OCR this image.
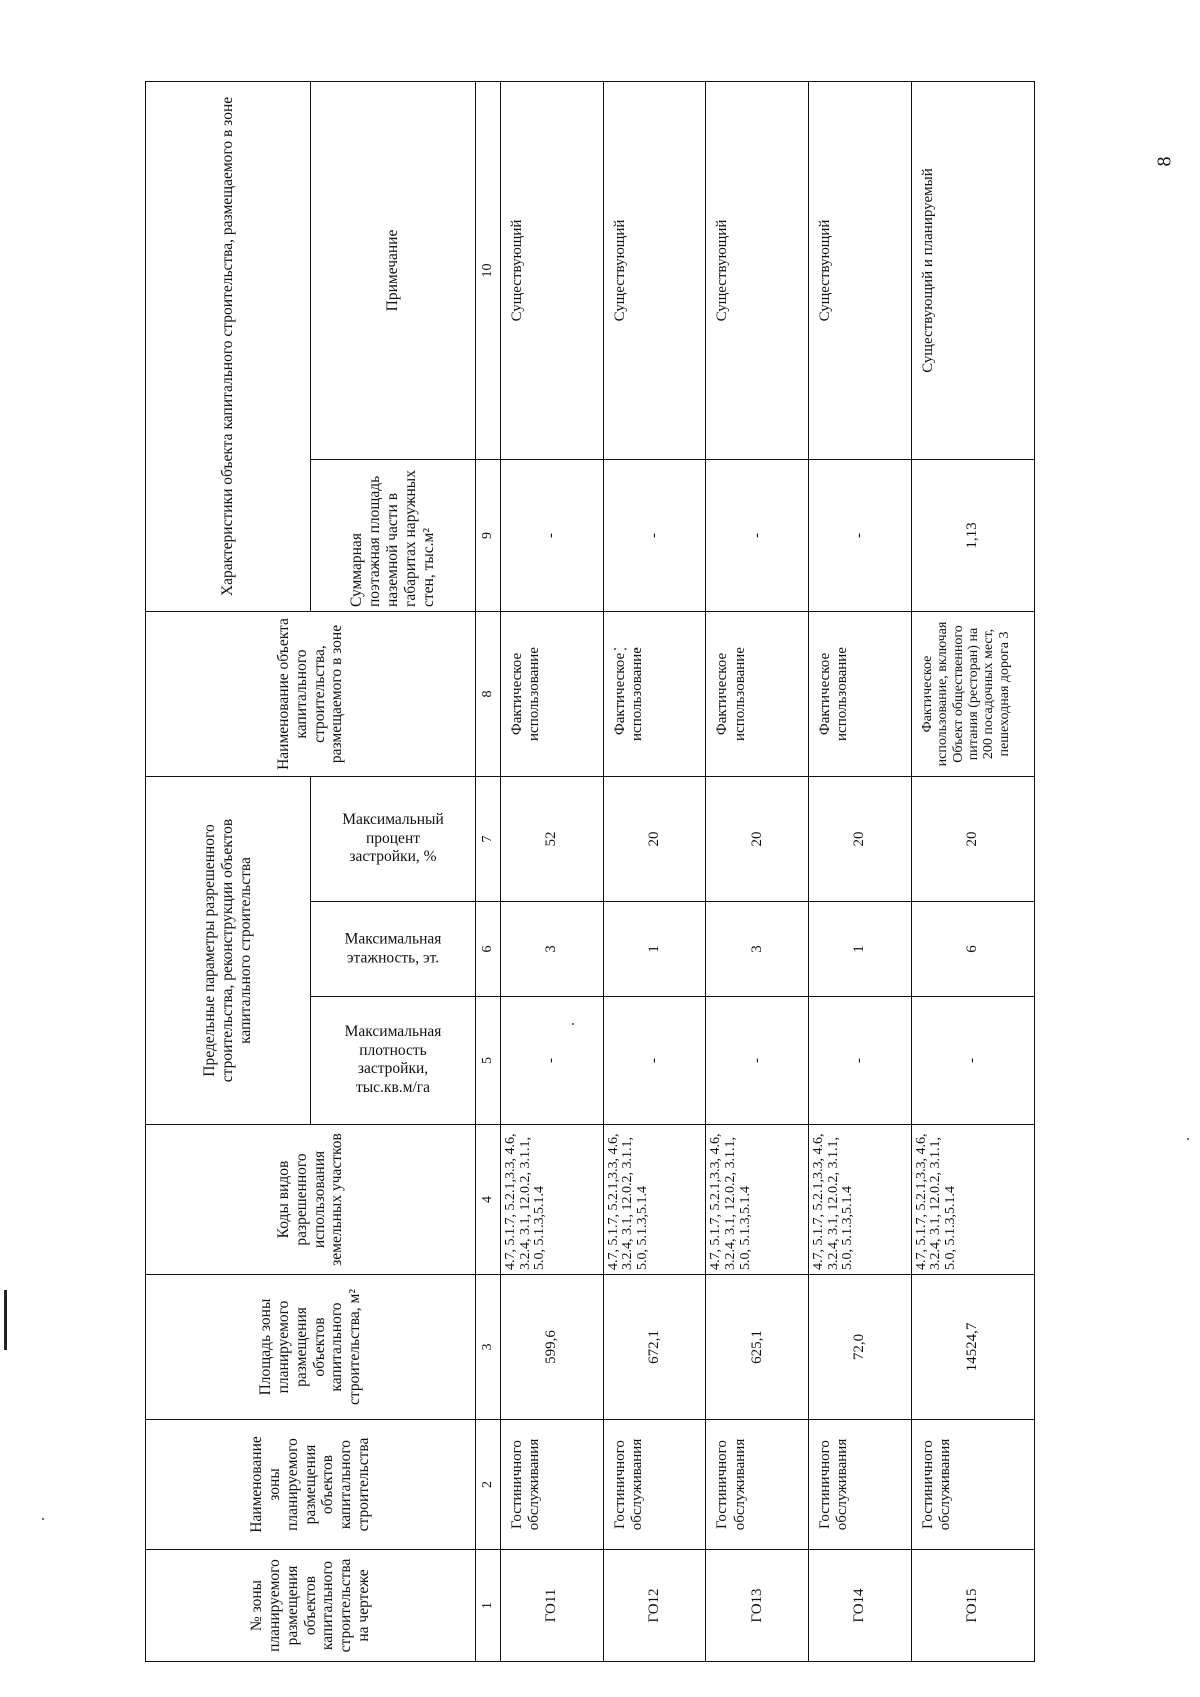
8
·
·
· · ·
·
№ зоны планируемого размещения объектов капитального строительства на чертеже	Наименование зоны планируемого размещения объектов капитального строительства	Площадь зоны планируемого размещения объектов капитального строительства, м²	Коды видов разрешенного использования земельных участков	Предельные параметры разрешенного строительства, реконструкции объектов капитального строительства			Наименование объекта капитального строительства, размещаемого в зоне	Характеристики объекта капитального строительства, размещаемого в зоне	

				Максимальная плотность застройки, тыс.кв.м/га	Максимальная этажность, эт.	Максимальный процент застройки, %		Суммарная поэтажная площадь наземной части в габаритах наружных стен, тыс.м²	Примечание
1	2	3	4	5	6	7	8	9	10
ГО11	Гостиничного обслуживания	599,6	4.7, 5.1.7, 5.2.1,3.3, 4.6, 3.2.4, 3.1, 12.0.2, 3.1.1, 5.0, 5.1.3,5.1.4	-	3	52	Фактическое использование	-	Существующий
ГО12	Гостиничного обслуживания	672,1	4.7, 5.1.7, 5.2.1,3.3, 4.6, 3.2.4, 3.1, 12.0.2, 3.1.1, 5.0, 5.1.3,5.1.4	-	1	20	Фактическое использование	-	Существующий
ГО13	Гостиничного обслуживания	625,1	4.7, 5.1.7, 5.2.1,3.3, 4.6, 3.2.4, 3.1, 12.0.2, 3.1.1, 5.0, 5.1.3,5.1.4	-	3	20	Фактическое использование	-	Существующий
ГО14	Гостиничного обслуживания	72,0	4.7, 5.1.7, 5.2.1,3.3, 4.6, 3.2.4, 3.1, 12.0.2, 3.1.1, 5.0, 5.1.3,5.1.4	-	1	20	Фактическое использование	-	Существующий
ГО15	Гостиничного обслуживания	14524,7	4.7, 5.1.7, 5.2.1,3.3, 4.6, 3.2.4, 3.1, 12.0.2, 3.1.1, 5.0, 5.1.3,5.1.4	-	6	20	Фактическое использование, включая Объект общественного питания (ресторан) на 200 посадочных мест, пешеходная дорога 3	1,13	Существующий и планируемый
